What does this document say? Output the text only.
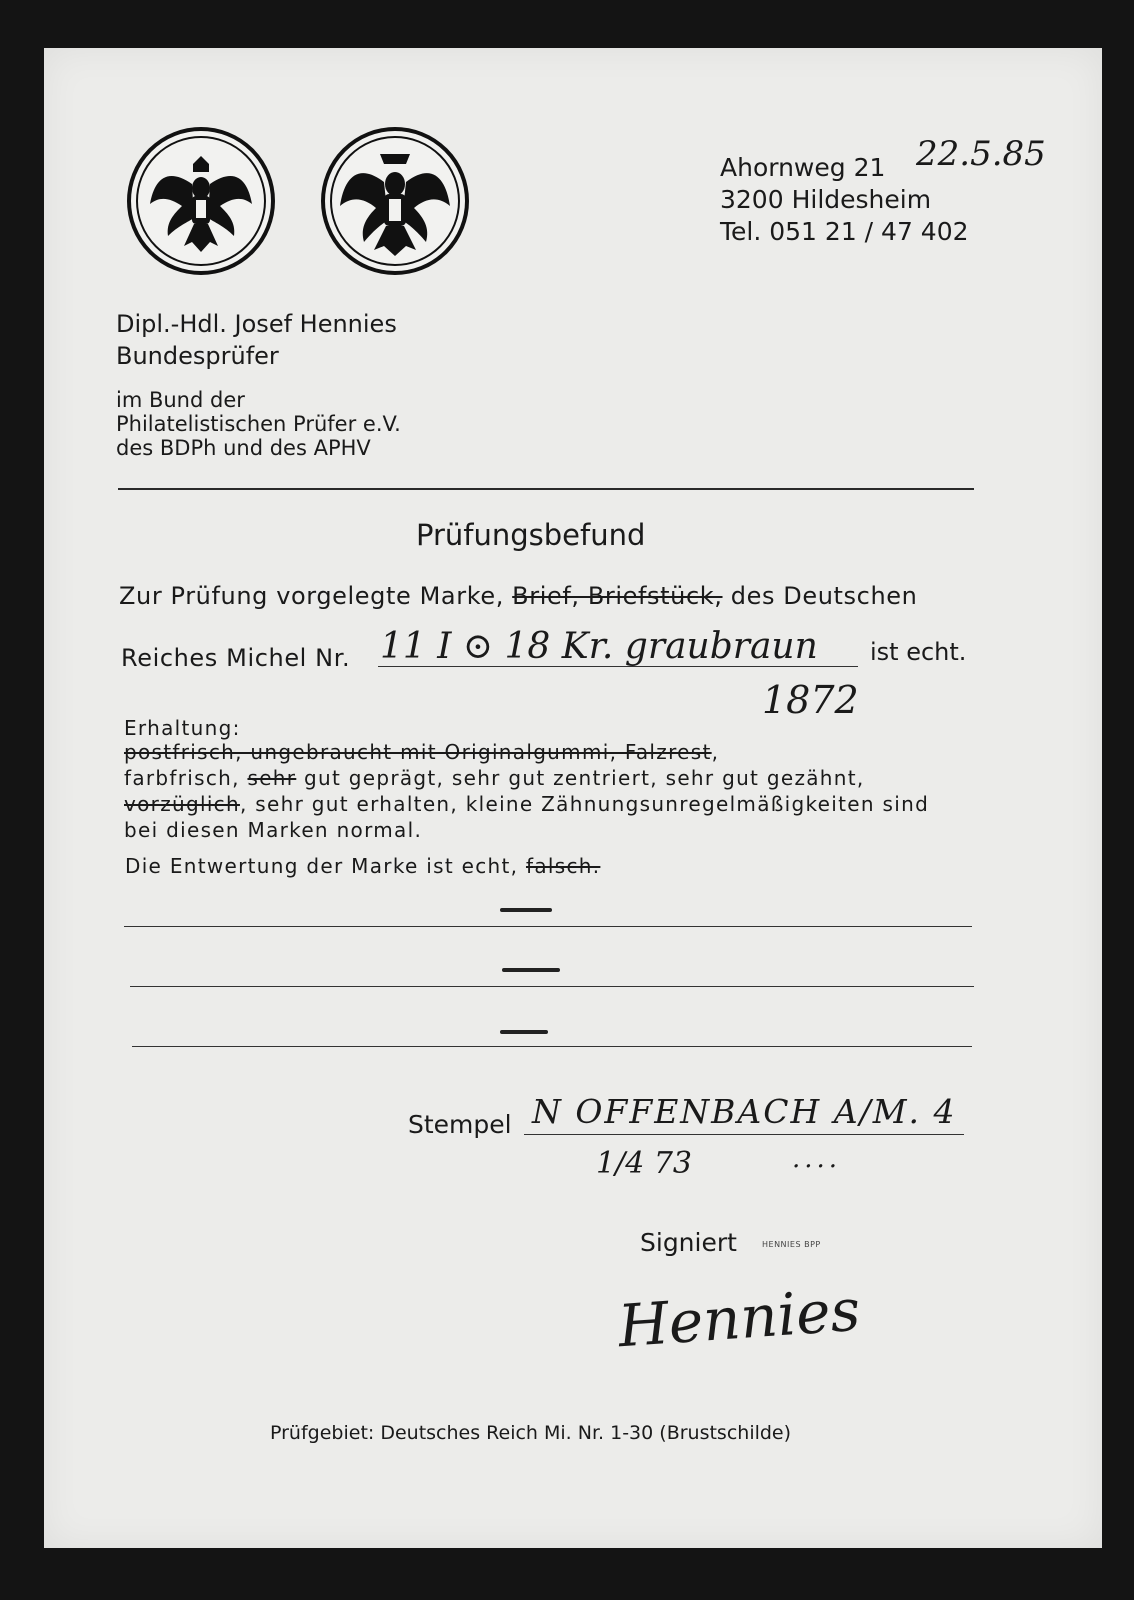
Ahornweg 21 22.5.85
3200 Hildesheim
Tel. 051 21 / 47 402
Dipl.-Hdl. Josef Hennies
Bundesprüfer
im Bund der
Philatelistischen Prüfer e.V.
des BDPh und des APHV
Prüfungsbefund
Zur Prüfung vorgelegte Marke, Brief, Briefstück, des Deutschen
Reiches Michel Nr. 11 I ⊙ 18 Kr. graubraun ist echt.
1872
Erhaltung:
postfrisch, ungebraucht mit Originalgummi, Falzrest,
farbfrisch, sehr gut geprägt, sehr gut zentriert, sehr gut gezähnt,
vorzüglich, sehr gut erhalten, kleine Zähnungsunregelmäßigkeiten sind
bei diesen Marken normal.
Die Entwertung der Marke ist echt, falsch.
Stempel N OFFENBACH A/M. 4
1/4 73	....
Signiert	HENNIES BPP
Hennies
Prüfgebiet: Deutsches Reich Mi. Nr. 1-30 (Brustschilde)
